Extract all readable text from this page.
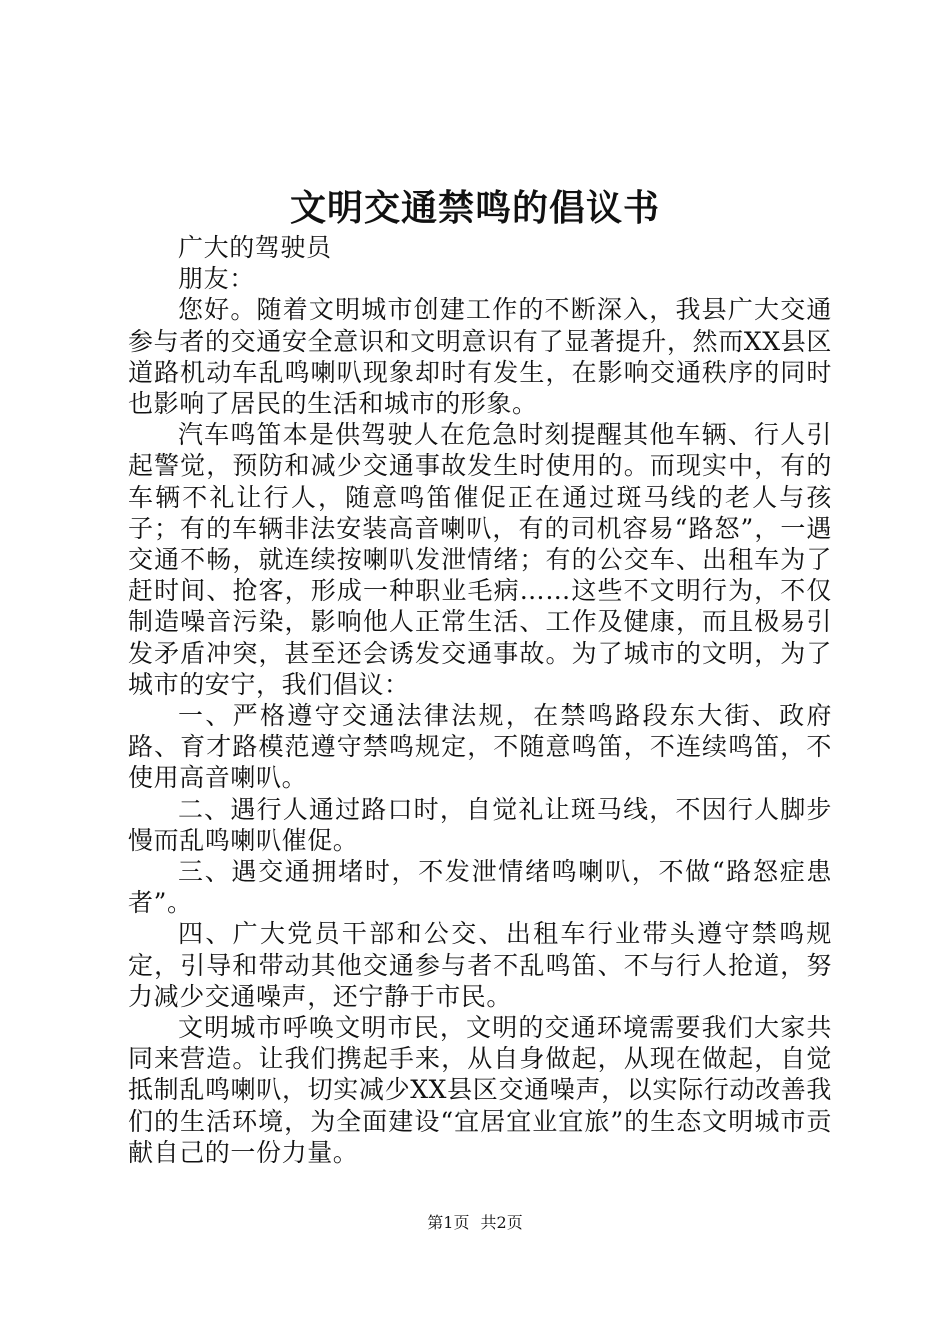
文明交通禁鸣的倡议书

广大的驾驶员

朋友：

您好。随着文明城市创建工作的不断深入，我县广大交通参与者的交通安全意识和文明意识有了显著提升，然而XX县区道路机动车乱鸣喇叭现象却时有发生，在影响交通秩序的同时也影响了居民的生活和城市的形象。

汽车鸣笛本是供驾驶人在危急时刻提醒其他车辆、行人引起警觉，预防和减少交通事故发生时使用的。而现实中，有的车辆不礼让行人，随意鸣笛催促正在通过斑马线的老人与孩子；有的车辆非法安装高音喇叭，有的司机容易“路怒”，一遇交通不畅，就连续按喇叭发泄情绪；有的公交车、出租车为了赶时间、抢客，形成一种职业毛病……这些不文明行为，不仅制造噪音污染，影响他人正常生活、工作及健康，而且极易引发矛盾冲突，甚至还会诱发交通事故。为了城市的文明，为了城市的安宁，我们倡议：

一、严格遵守交通法律法规，在禁鸣路段东大街、政府路、育才路模范遵守禁鸣规定，不随意鸣笛，不连续鸣笛，不使用高音喇叭。

二、遇行人通过路口时，自觉礼让斑马线，不因行人脚步慢而乱鸣喇叭催促。

三、遇交通拥堵时，不发泄情绪鸣喇叭，不做“路怒症患者”。

四、广大党员干部和公交、出租车行业带头遵守禁鸣规定，引导和带动其他交通参与者不乱鸣笛、不与行人抢道，努力减少交通噪声，还宁静于市民。

文明城市呼唤文明市民，文明的交通环境需要我们大家共同来营造。让我们携起手来，从自身做起，从现在做起，自觉抵制乱鸣喇叭，切实减少XX县区交通噪声，以实际行动改善我们的生活环境，为全面建设“宜居宜业宜旅”的生态文明城市贡献自己的一份力量。

第1页 共2页
